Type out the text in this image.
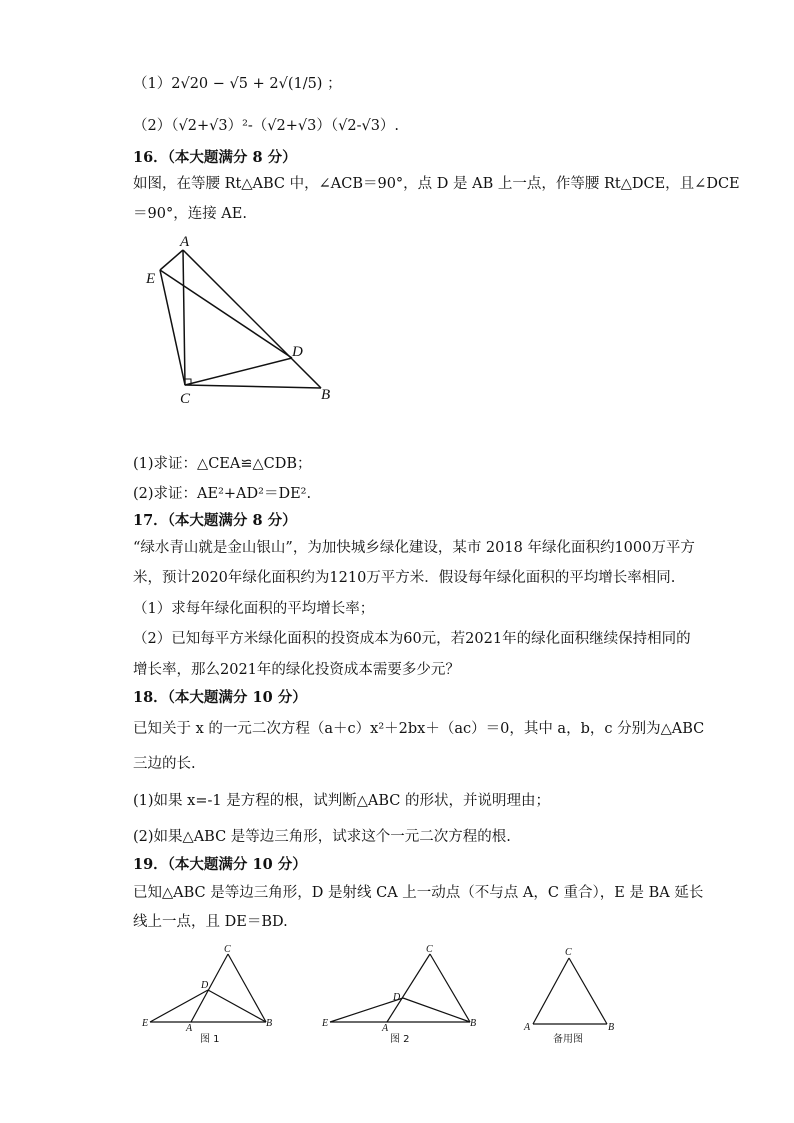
（1）2√20 − √5 + 2√(1/5) ；
（2）（√2+√3）²-（√2+√3）（√2-√3）.
16．（本大题满分 8 分）
如图，在等腰 Rt△ABC 中，∠ACB＝90°，点 D 是 AB 上一点，作等腰 Rt△DCE，且∠DCE
＝90°，连接 AE.
A
E
D
C	B
(1)求证：△CEA≌△CDB；
(2)求证：AE²+AD²＝DE².
17．（本大题满分 8 分）
“绿水青山就是金山银山”，为加快城乡绿化建设，某市 2018 年绿化面积约1000万平方
米，预计2020年绿化面积约为1210万平方米．假设每年绿化面积的平均增长率相同.
（1）求每年绿化面积的平均增长率；
（2）已知每平方米绿化面积的投资成本为60元，若2021年的绿化面积继续保持相同的
增长率，那么2021年的绿化投资成本需要多少元？
18．（本大题满分 10 分）
已知关于 x 的一元二次方程（a＋c）x²＋2bx＋（ac）＝0，其中 a，b，c 分别为△ABC
三边的长.
(1)如果 x=-1 是方程的根，试判断△ABC 的形状，并说明理由；
(2)如果△ABC 是等边三角形，试求这个一元二次方程的根.
19．（本大题满分 10 分）
已知△ABC 是等边三角形，D 是射线 CA 上一动点（不与点 A，C 重合），E 是 BA 延长
线上一点，且 DE＝BD.
C
D
E	A	B
图 1
C
D
E	A	B
图 2
C
A	B
备用图
